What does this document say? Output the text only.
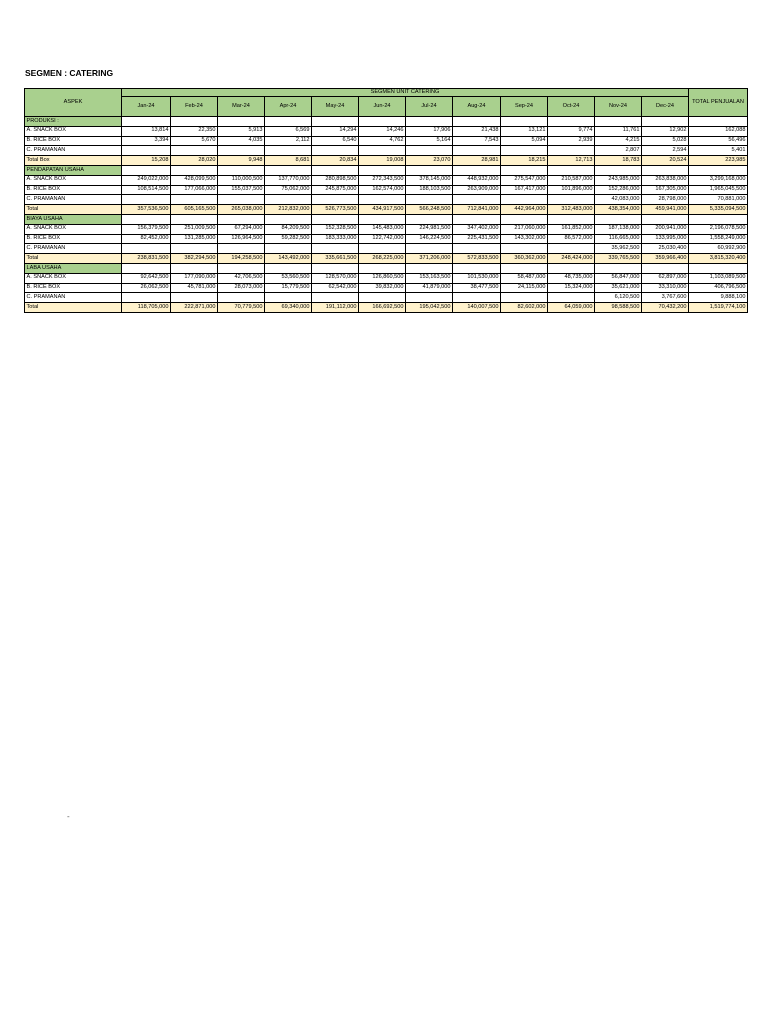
SEGMEN : CATERING
ASPEK	SEGMEN UNIT CATERING												TOTAL PENJUALAN
	Jan-24	Feb-24	Mar-24	Apr-24	May-24	Jun-24	Jul-24	Aug-24	Sep-24	Oct-24	Nov-24	Dec-24	
PRODUKSI :													
A. SNACK BOX	13,814	22,350	5,913	6,569	14,294	14,246	17,906	21,438	13,121	9,774	11,761	12,902	162,088
B. RICE BOX	3,394	5,670	4,035	2,112	6,540	4,762	5,164	7,543	5,094	2,939	4,215	5,028	56,496
C. PRAMANAN											2,807	2,594	5,401
Total Box	15,208	28,020	9,948	8,681	20,834	19,008	23,070	28,981	18,215	12,713	18,783	20,524	223,985
PENDAPATAN USAHA													
A. SNACK BOX	249,022,000	428,099,500	110,000,500	137,770,000	280,898,500	272,343,500	378,145,000	448,932,000	275,547,000	210,587,000	243,985,000	263,838,000	3,299,168,000
B. RICE BOX	108,514,500	177,066,000	155,037,500	75,062,000	245,875,000	162,574,000	188,103,500	263,909,000	167,417,000	101,896,000	152,286,000	167,305,000	1,965,045,500
C. PRAMANAN											42,083,000	28,798,000	70,881,000
Total	357,536,500	605,165,500	265,038,000	212,832,000	526,773,500	434,917,500	566,248,500	712,841,000	442,964,000	312,483,000	438,354,000	459,941,000	5,335,094,500
BIAYA USAHA													
A. SNACK BOX	156,379,500	251,009,500	67,294,000	84,209,500	152,328,500	145,483,000	224,981,500	347,402,000	217,060,000	161,852,000	187,138,000	200,941,000	2,196,078,500
B. RICE BOX	82,452,000	131,285,000	126,964,500	59,282,500	183,333,000	122,742,000	146,224,500	225,431,500	143,302,000	86,572,000	116,665,000	133,995,000	1,558,249,000
C. PRAMANAN											35,962,500	25,030,400	60,992,900
Total	238,831,500	382,294,500	194,258,500	143,492,000	335,661,500	268,225,000	371,206,000	572,833,500	360,362,000	248,424,000	339,765,500	359,966,400	3,815,320,400
LABA USAHA													
A. SNACK BOX	92,642,500	177,090,000	42,706,500	53,560,500	128,570,000	126,860,500	153,163,500	101,530,000	58,487,000	48,735,000	56,847,000	62,897,000	1,103,089,500
B. RICE BOX	26,062,500	45,781,000	28,073,000	15,779,500	62,542,000	39,832,000	41,879,000	38,477,500	24,115,000	15,324,000	35,621,000	33,310,000	406,796,500
C. PRAMANAN											6,120,500	3,767,600	9,888,100
Total	118,705,000	222,871,000	70,779,500	69,340,000	191,112,000	166,692,500	195,042,500	140,007,500	82,602,000	64,059,000	98,588,500	70,432,200	1,519,774,100
-
